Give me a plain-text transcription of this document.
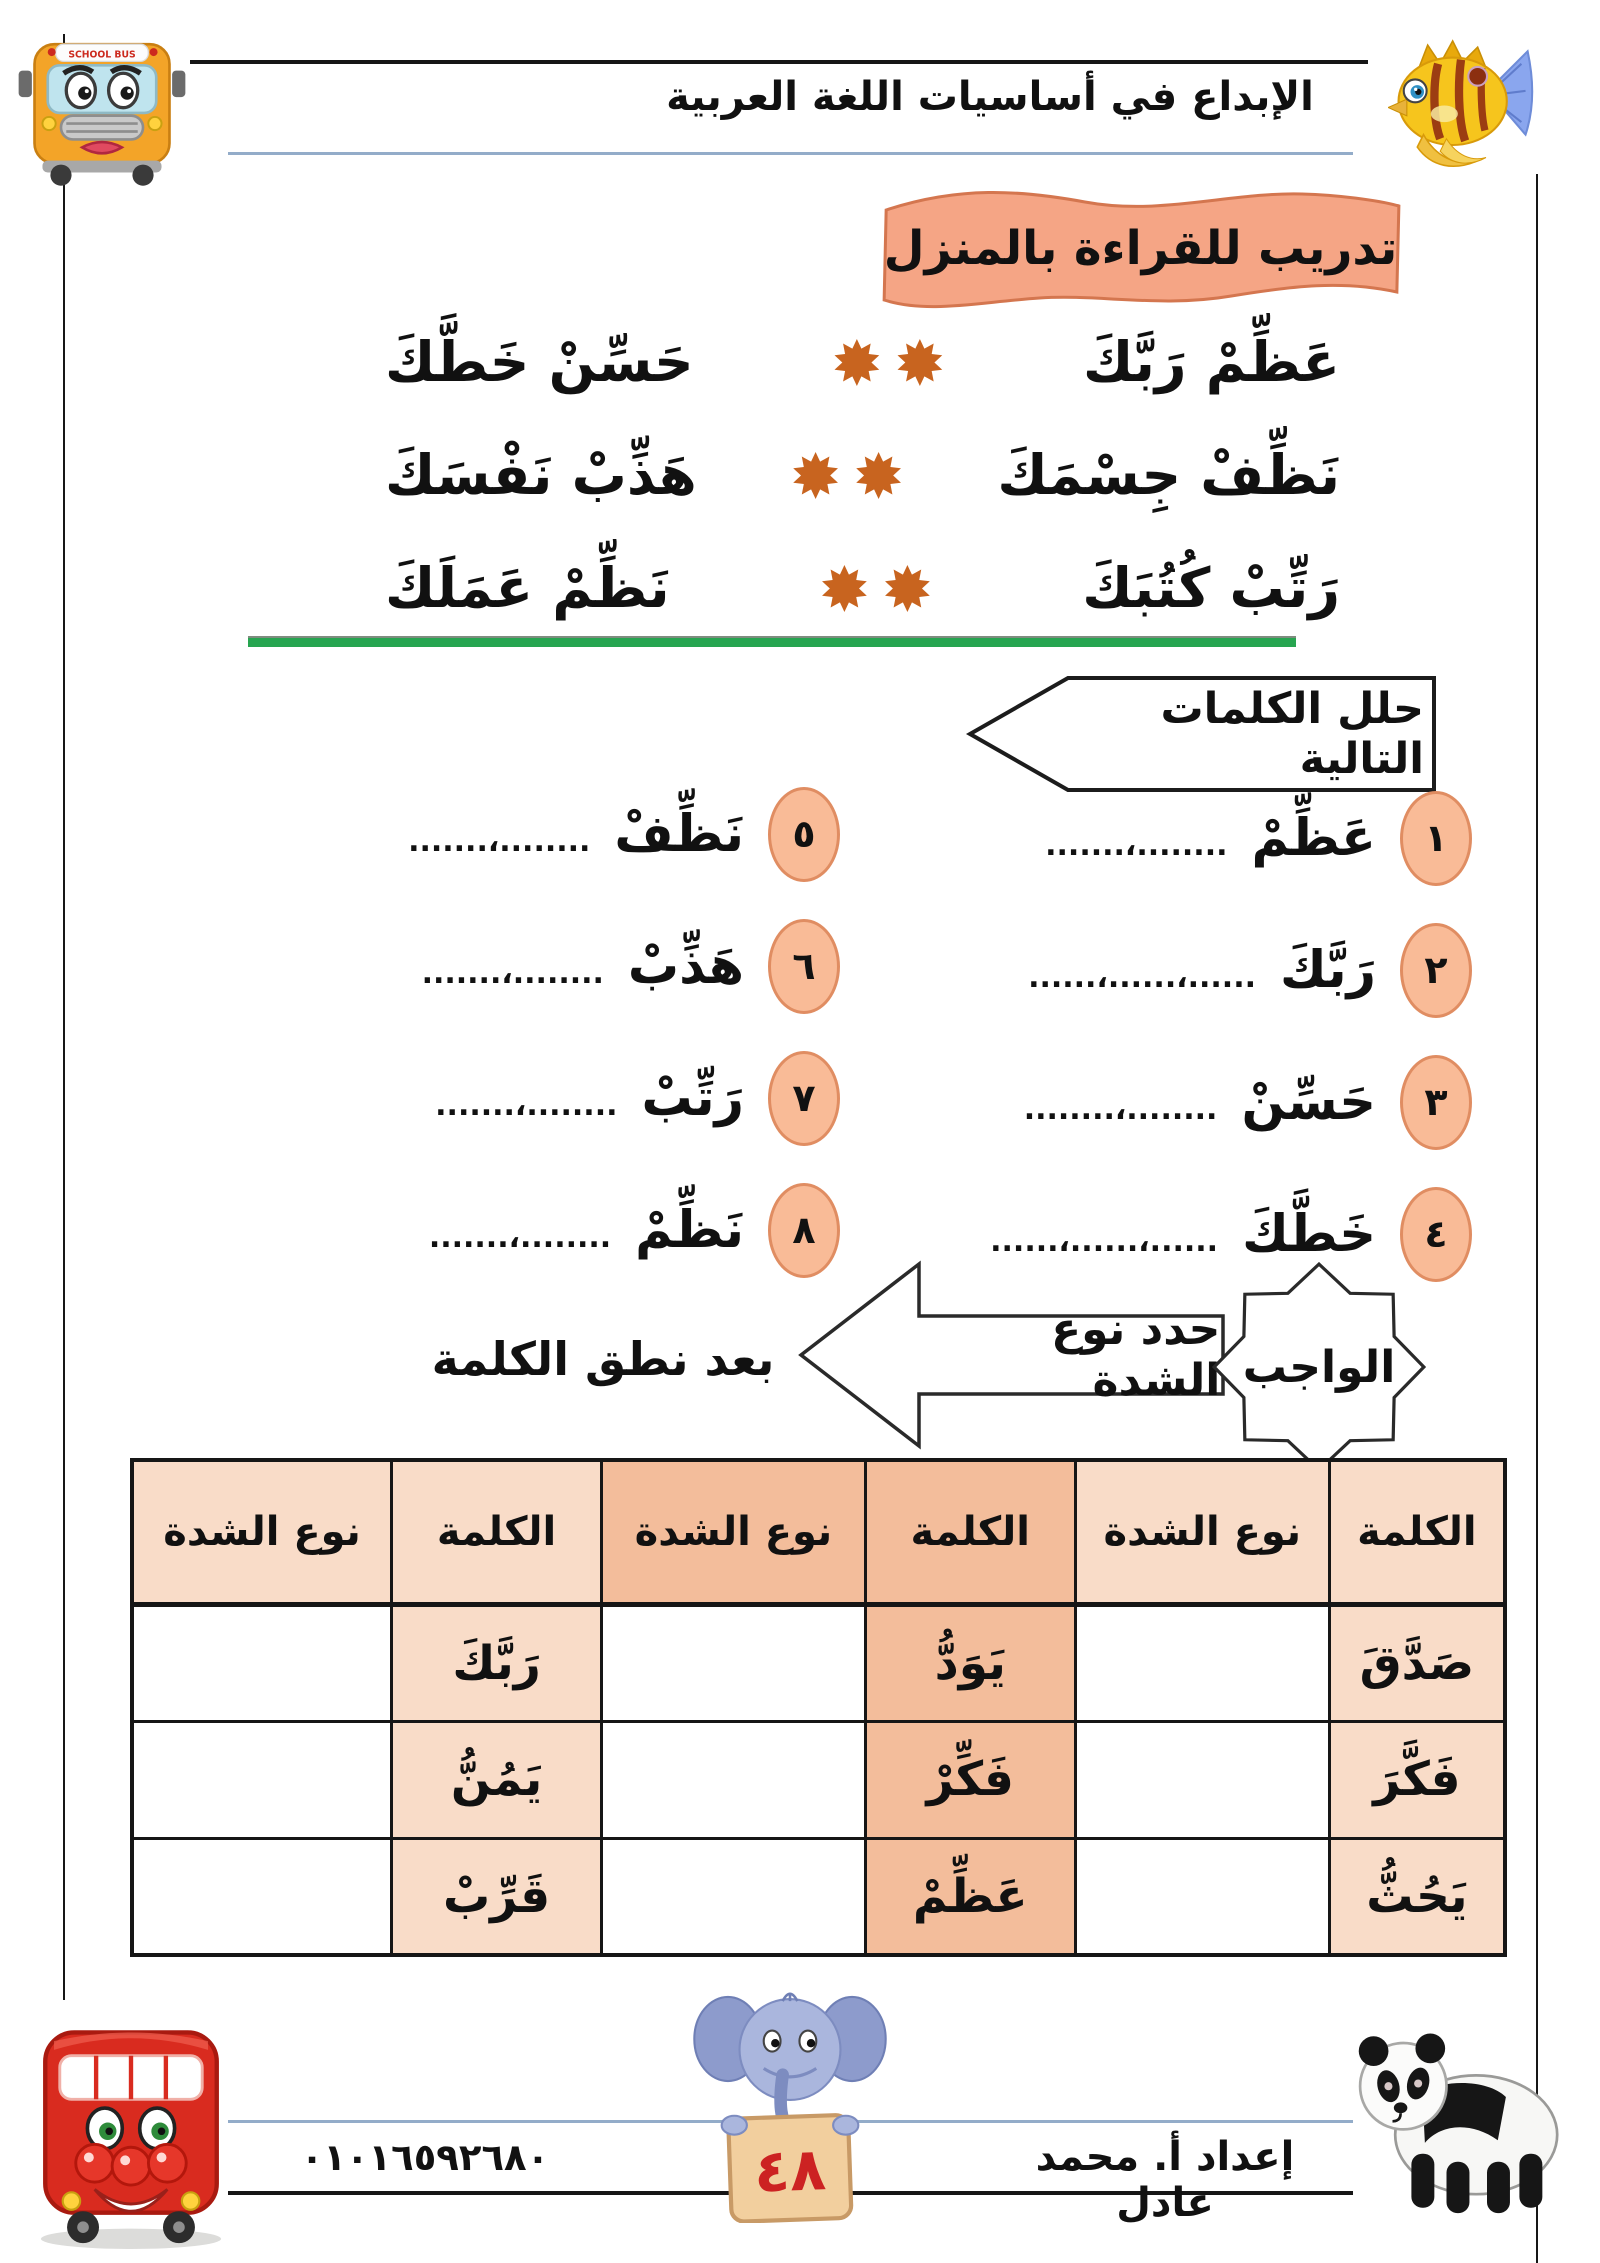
الإبداع في أساسيات اللغة العربية
SCHOOL BUS
تدريب للقراءة بالمنزل
عَظِّمْ رَبَّكَ
حَسِّنْ خَطَّكَ
نَظِّفْ جِسْمَكَ
هَذِّبْ نَفْسَكَ
رَتِّبْ كُتُبَكَ
نَظِّمْ عَمَلَكَ
حلل الكلمات التالية
١
عَظِّمْ
........،.......
٢
رَبَّكَ
......،......،......
٣
حَسِّنْ
........،........
٤
خَطَّكَ
......،......،......
٥
نَظِّفْ
........،.......
٦
هَذِّبْ
........،.......
٧
رَتِّبْ
........،.......
٨
نَظِّمْ
........،.......
بعد نطق الكلمة
حدد نوع الشدة الواجب
الكلمة	نوع الشدة	الكلمة	نوع الشدة	الكلمة	نوع الشدة
صَدَّقَ		يَوَدُّ		رَبَّكَ	
فَكَّرَ		فَكِّرْ		يَمُنُّ	
يَحُثُّ		عَظِّمْ		قَرِّبْ	
٠١٠١٦٥٩٢٦٨٠	إعداد أ. محمد عادل
٤٨
